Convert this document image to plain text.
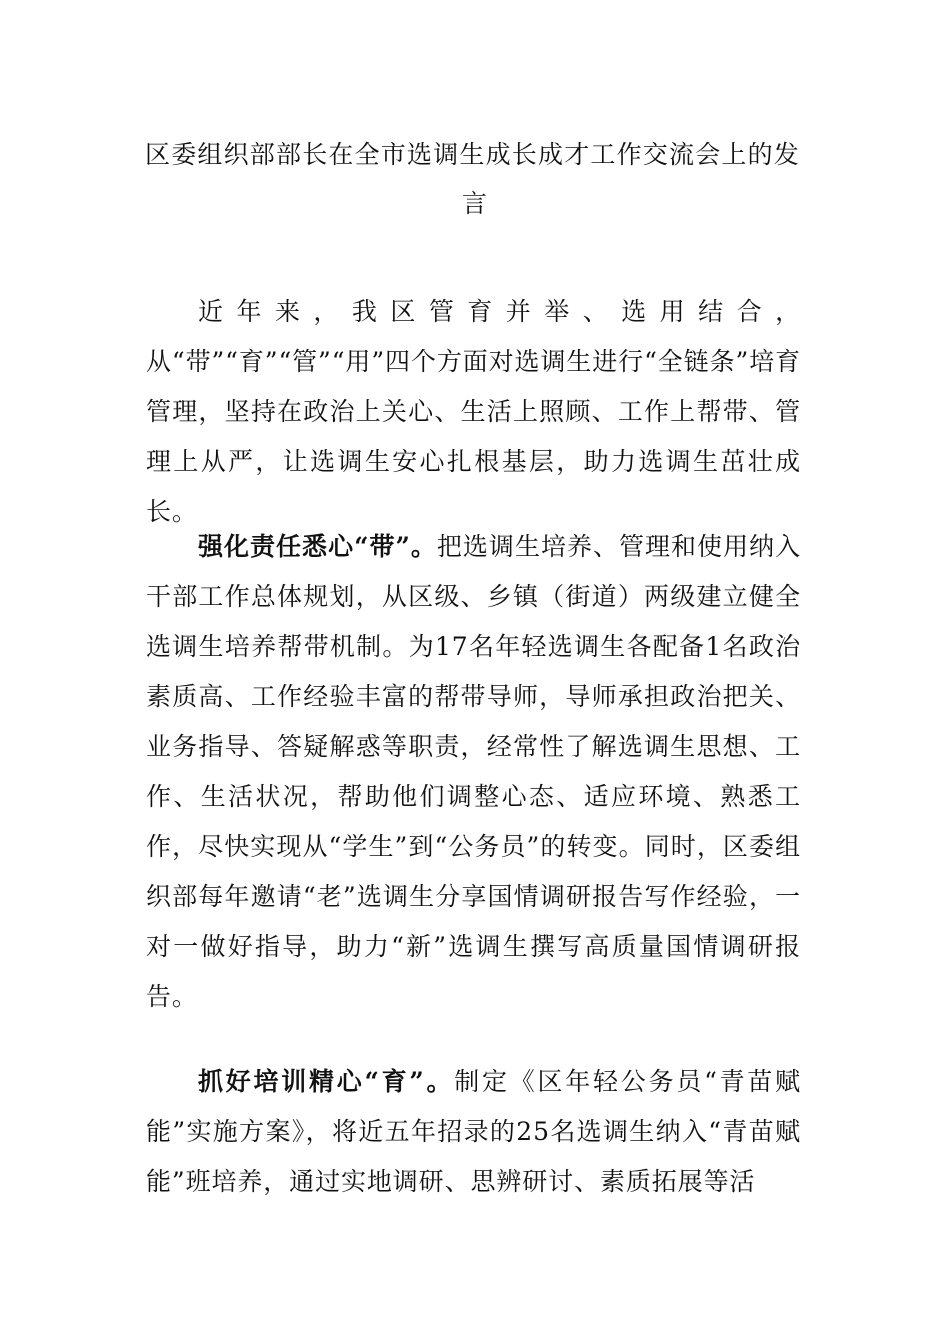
区委组织部部长在全市选调生成长成才工作交流会上的发
言

近年来，我区管育并举、选用结合，从“带”“育”“管”“用”四个方面对选调生进行“全链条”培育管理，坚持在政治上关心、生活上照顾、工作上帮带、管理上从严，让选调生安心扎根基层，助力选调生茁壮成长。

强化责任悉心“带”。把选调生培养、管理和使用纳入干部工作总体规划，从区级、乡镇（街道）两级建立健全选调生培养帮带机制。为17名年轻选调生各配备1名政治素质高、工作经验丰富的帮带导师，导师承担政治把关、业务指导、答疑解惑等职责，经常性了解选调生思想、工作、生活状况，帮助他们调整心态、适应环境、熟悉工作，尽快实现从“学生”到“公务员”的转变。同时，区委组织部每年邀请“老”选调生分享国情调研报告写作经验，一对一做好指导，助力“新”选调生撰写高质量国情调研报告。

抓好培训精心“育”。制定《区年轻公务员“青苗赋能”实施方案》，将近五年招录的25名选调生纳入“青苗赋能”班培养，通过实地调研、思辨研讨、素质拓展等活
